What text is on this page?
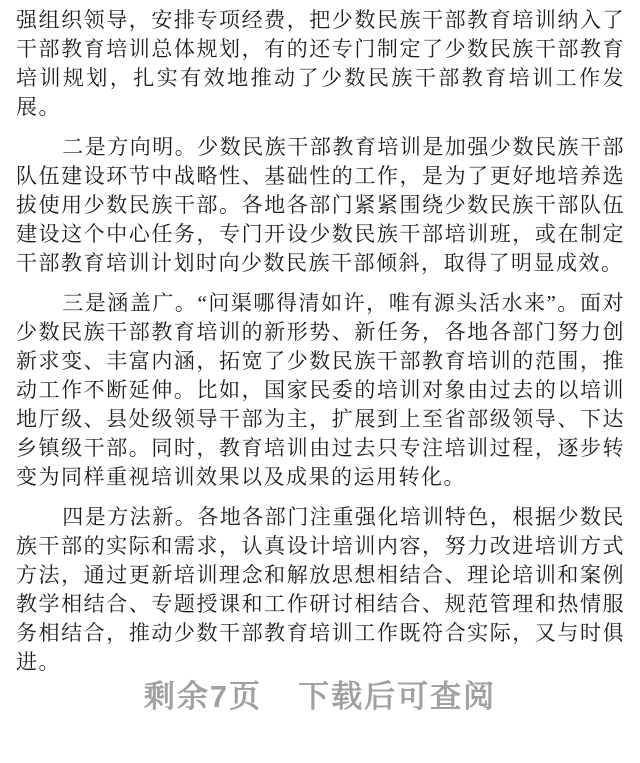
强组织领导，安排专项经费，把少数民族干部教育培训纳入了干部教育培训总体规划，有的还专门制定了少数民族干部教育培训规划，扎实有效地推动了少数民族干部教育培训工作发展。

二是方向明。少数民族干部教育培训是加强少数民族干部队伍建设环节中战略性、基础性的工作，是为了更好地培养选拔使用少数民族干部。各地各部门紧紧围绕少数民族干部队伍建设这个中心任务，专门开设少数民族干部培训班，或在制定干部教育培训计划时向少数民族干部倾斜，取得了明显成效。

三是涵盖广。“问渠哪得清如许，唯有源头活水来”。面对少数民族干部教育培训的新形势、新任务，各地各部门努力创新求变、丰富内涵，拓宽了少数民族干部教育培训的范围，推动工作不断延伸。比如，国家民委的培训对象由过去的以培训地厅级、县处级领导干部为主，扩展到上至省部级领导、下达乡镇级干部。同时，教育培训由过去只专注培训过程，逐步转变为同样重视培训效果以及成果的运用转化。

四是方法新。各地各部门注重强化培训特色，根据少数民族干部的实际和需求，认真设计培训内容，努力改进培训方式方法，通过更新培训理念和解放思想相结合、理论培训和案例教学相结合、专题授课和工作研讨相结合、规范管理和热情服务相结合，推动少数干部教育培训工作既符合实际，又与时俱进。

剩余7页 下载后可查阅
